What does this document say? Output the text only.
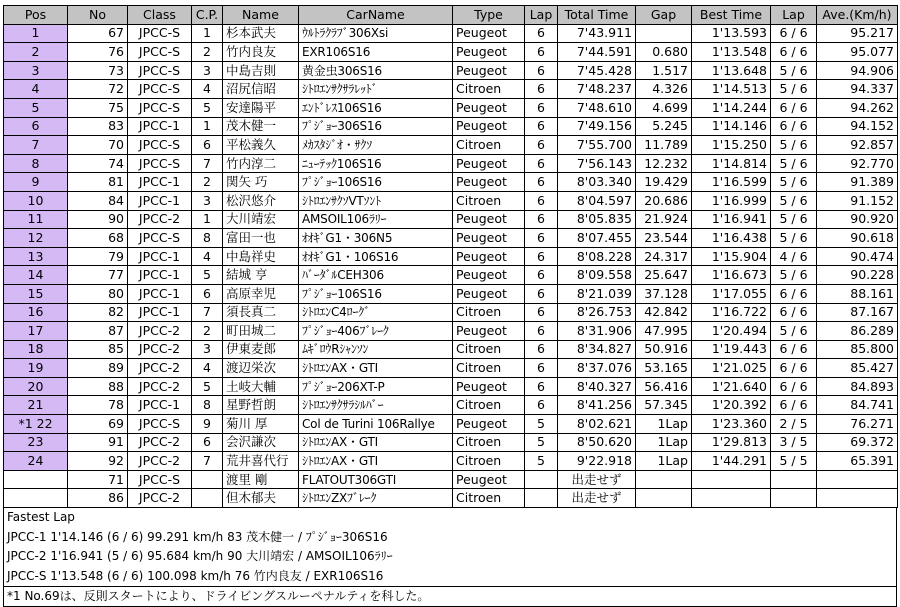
Pos	No	Class	C.P.	Name	CarName	Type	Lap	Total Time	Gap	Best Time	Lap	Ave.(Km/h)
1	67	JPCC-S	1	杉本武夫	ｳﾙﾄﾗｸﾗﾌﾞ306Xsi	Peugeot	6	7'43.911		1'13.593	6 / 6	95.217
2	76	JPCC-S	2	竹内良友	EXR106S16	Peugeot	6	7'44.591	0.680	1'13.548	6 / 6	95.077
3	73	JPCC-S	3	中島吉則	黄金虫306S16	Peugeot	6	7'45.428	1.517	1'13.648	5 / 6	94.906
4	72	JPCC-S	4	沼尻信昭	ｼﾄﾛｴﾝｻｸｻﾗﾚｯﾄﾞ	Citroen	6	7'48.237	4.326	1'14.513	5 / 6	94.337
5	75	JPCC-S	5	安達陽平	ｴﾝﾄﾞﾚｽ106S16	Peugeot	6	7'48.610	4.699	1'14.244	6 / 6	94.262
6	83	JPCC-1	1	茂木健一	ﾌﾟｼﾞｮｰ306S16	Peugeot	6	7'49.156	5.245	1'14.146	6 / 6	94.152
7	70	JPCC-S	6	平松義久	ﾒｶｽﾀｼﾞｵ・ｻｸｿ	Citroen	6	7'55.700	11.789	1'15.250	5 / 6	92.857
8	74	JPCC-S	7	竹内淳二	ﾆｭｰﾃｯｸ106S16	Peugeot	6	7'56.143	12.232	1'14.814	5 / 6	92.770
9	81	JPCC-1	2	関矢 巧	ﾌﾟｼﾞｮｰ106S16	Peugeot	6	8'03.340	19.429	1'16.599	5 / 6	91.389
10	84	JPCC-1	3	松沢悠介	ｼﾄﾛｴﾝｻｸｿVTｿﾝﾄ	Citroen	6	8'04.597	20.686	1'16.999	5 / 6	91.152
11	90	JPCC-2	1	大川靖宏	AMSOIL106ﾗﾘｰ	Peugeot	6	8'05.835	21.924	1'16.941	5 / 6	90.920
12	68	JPCC-S	8	富田一也	ｵｵｷﾞG1・306N5	Peugeot	6	8'07.455	23.544	1'16.438	5 / 6	90.618
13	79	JPCC-1	4	中島祥史	ｵｵｷﾞG1・106S16	Peugeot	6	8'08.228	24.317	1'15.904	4 / 6	90.474
14	77	JPCC-1	5	結城 亨	ﾊﾞｰﾀﾞﾙCEH306	Peugeot	6	8'09.558	25.647	1'16.673	5 / 6	90.228
15	80	JPCC-1	6	高原幸児	ﾌﾟｼﾞｮｰ106S16	Peugeot	6	8'21.039	37.128	1'17.055	6 / 6	88.161
16	82	JPCC-1	7	須長真二	ｼﾄﾛｴﾝC4ﾛｰｸﾞ	Citroen	6	8'26.753	42.842	1'16.722	6 / 6	87.167
17	87	JPCC-2	2	町田城二	ﾌﾟｼﾞｮｰ406ﾌﾞﾚｰｸ	Peugeot	6	8'31.906	47.995	1'20.494	5 / 6	86.289
18	85	JPCC-2	3	伊東麦郎	ﾑｷﾞﾛｳRｼｬﾝｿﾝ	Citroen	6	8'34.827	50.916	1'19.443	6 / 6	85.800
19	89	JPCC-2	4	渡辺栄次	ｼﾄﾛｴﾝAX・GTI	Citroen	6	8'37.076	53.165	1'21.025	6 / 6	85.427
20	88	JPCC-2	5	土岐大輔	ﾌﾟｼﾞｮｰ206XT-P	Peugeot	6	8'40.327	56.416	1'21.640	6 / 6	84.893
21	78	JPCC-1	8	星野哲朗	ｼﾄﾛｴﾝｻｸｻﾗｼﾙﾊﾞｰ	Citroen	6	8'41.256	57.345	1'20.392	6 / 6	84.741
*1 22	69	JPCC-S	9	菊川 厚	Col de Turini 106Rallye	Peugeot	5	8'02.621	1Lap	1'23.360	2 / 5	76.271
23	91	JPCC-2	6	会沢謙次	ｼﾄﾛｴﾝAX・GTI	Citroen	5	8'50.620	1Lap	1'29.813	3 / 5	69.372
24	92	JPCC-2	7	荒井喜代行	ｼﾄﾛｴﾝAX・GTI	Citroen	5	9'22.918	1Lap	1'44.291	5 / 5	65.391
	71	JPCC-S		渡里 剛	FLATOUT306GTI	Peugeot		出走せず				
	86	JPCC-2		但木郁夫	ｼﾄﾛｴﾝZXﾌﾞﾚｰｸ	Citroen		出走せず				
Fastest Lap
JPCC-1 1'14.146 (6 / 6) 99.291 km/h 83 茂木健一 / ﾌﾟｼﾞｮｰ306S16
JPCC-2 1'16.941 (5 / 6) 95.684 km/h 90 大川靖宏 / AMSOIL106ﾗﾘｰ
JPCC-S 1'13.548 (6 / 6) 100.098 km/h 76 竹内良友 / EXR106S16
*1 No.69は、反則スタートにより、ドライビングスルーペナルティを科した。
